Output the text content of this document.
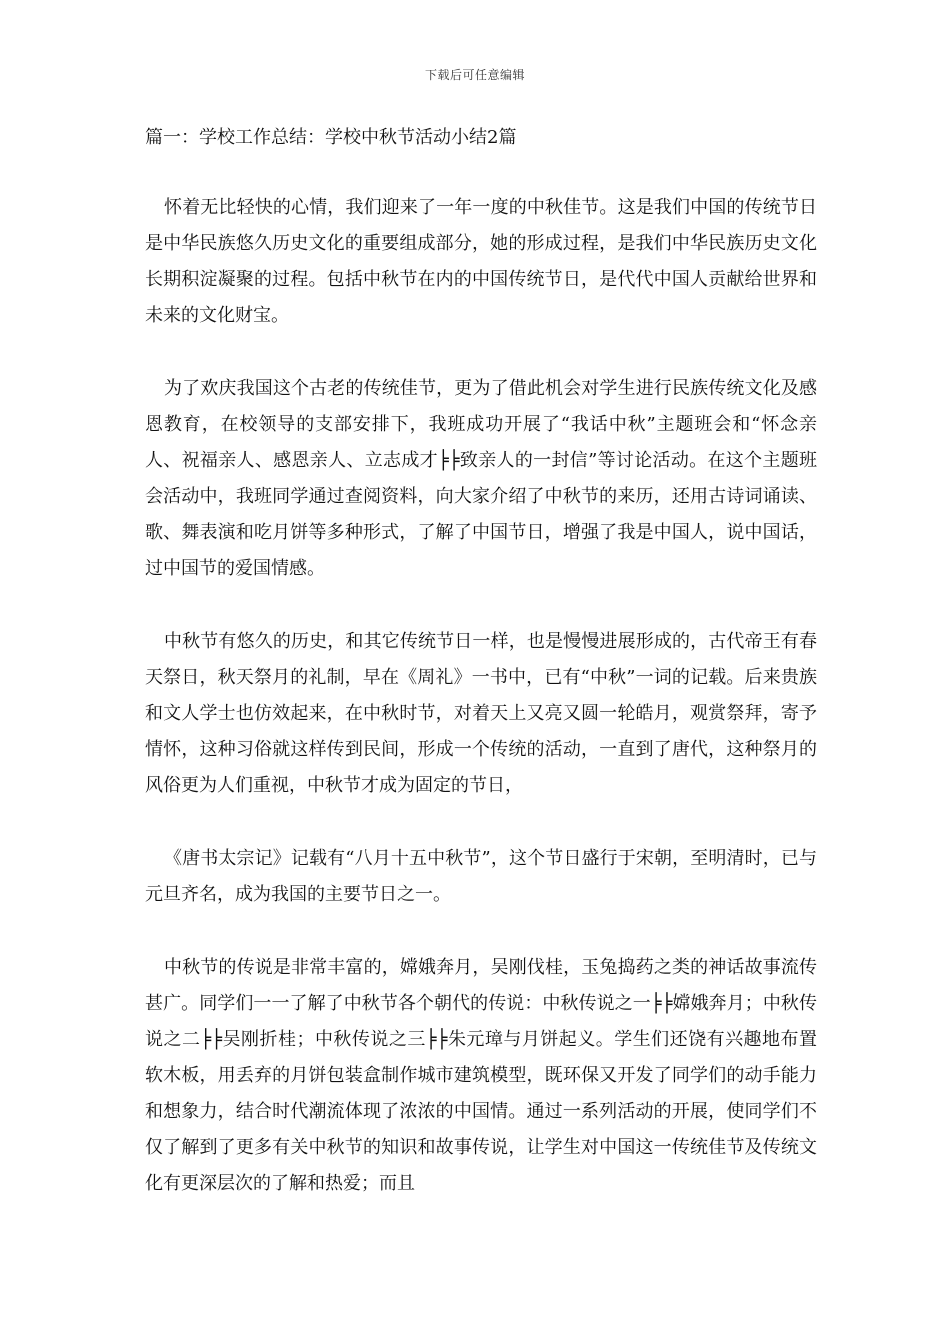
下载后可任意编辑
篇一：学校工作总结：学校中秋节活动小结2篇

怀着无比轻快的心情，我们迎来了一年一度的中秋佳节。这是我们中国的传统节日是中华民族悠久历史文化的重要组成部分，她的形成过程，是我们中华民族历史文化长期积淀凝聚的过程。包括中秋节在内的中国传统节日，是代代中国人贡献给世界和未来的文化财宝。

为了欢庆我国这个古老的传统佳节，更为了借此机会对学生进行民族传统文化及感恩教育，在校领导的支部安排下，我班成功开展了“我话中秋”主题班会和“怀念亲人、祝福亲人、感恩亲人、立志成才╞╞致亲人的一封信”等讨论活动。在这个主题班会活动中，我班同学通过查阅资料，向大家介绍了中秋节的来历，还用古诗词诵读、歌、舞表演和吃月饼等多种形式，了解了中国节日，增强了我是中国人，说中国话，过中国节的爱国情感。

中秋节有悠久的历史，和其它传统节日一样，也是慢慢进展形成的，古代帝王有春天祭日，秋天祭月的礼制，早在《周礼》一书中，已有“中秋”一词的记载。后来贵族和文人学士也仿效起来，在中秋时节，对着天上又亮又圆一轮皓月，观赏祭拜，寄予情怀，这种习俗就这样传到民间，形成一个传统的活动，一直到了唐代，这种祭月的风俗更为人们重视，中秋节才成为固定的节日，

《唐书太宗记》记载有“八月十五中秋节”，这个节日盛行于宋朝，至明清时，已与元旦齐名，成为我国的主要节日之一。

中秋节的传说是非常丰富的，嫦娥奔月，吴刚伐桂，玉兔捣药之类的神话故事流传甚广。同学们一一了解了中秋节各个朝代的传说：中秋传说之一╞╞嫦娥奔月；中秋传说之二╞╞吴刚折桂；中秋传说之三╞╞朱元璋与月饼起义。学生们还饶有兴趣地布置软木板，用丢弃的月饼包装盒制作城市建筑模型，既环保又开发了同学们的动手能力和想象力，结合时代潮流体现了浓浓的中国情。通过一系列活动的开展，使同学们不仅了解到了更多有关中秋节的知识和故事传说，让学生对中国这一传统佳节及传统文化有更深层次的了解和热爱；而且
